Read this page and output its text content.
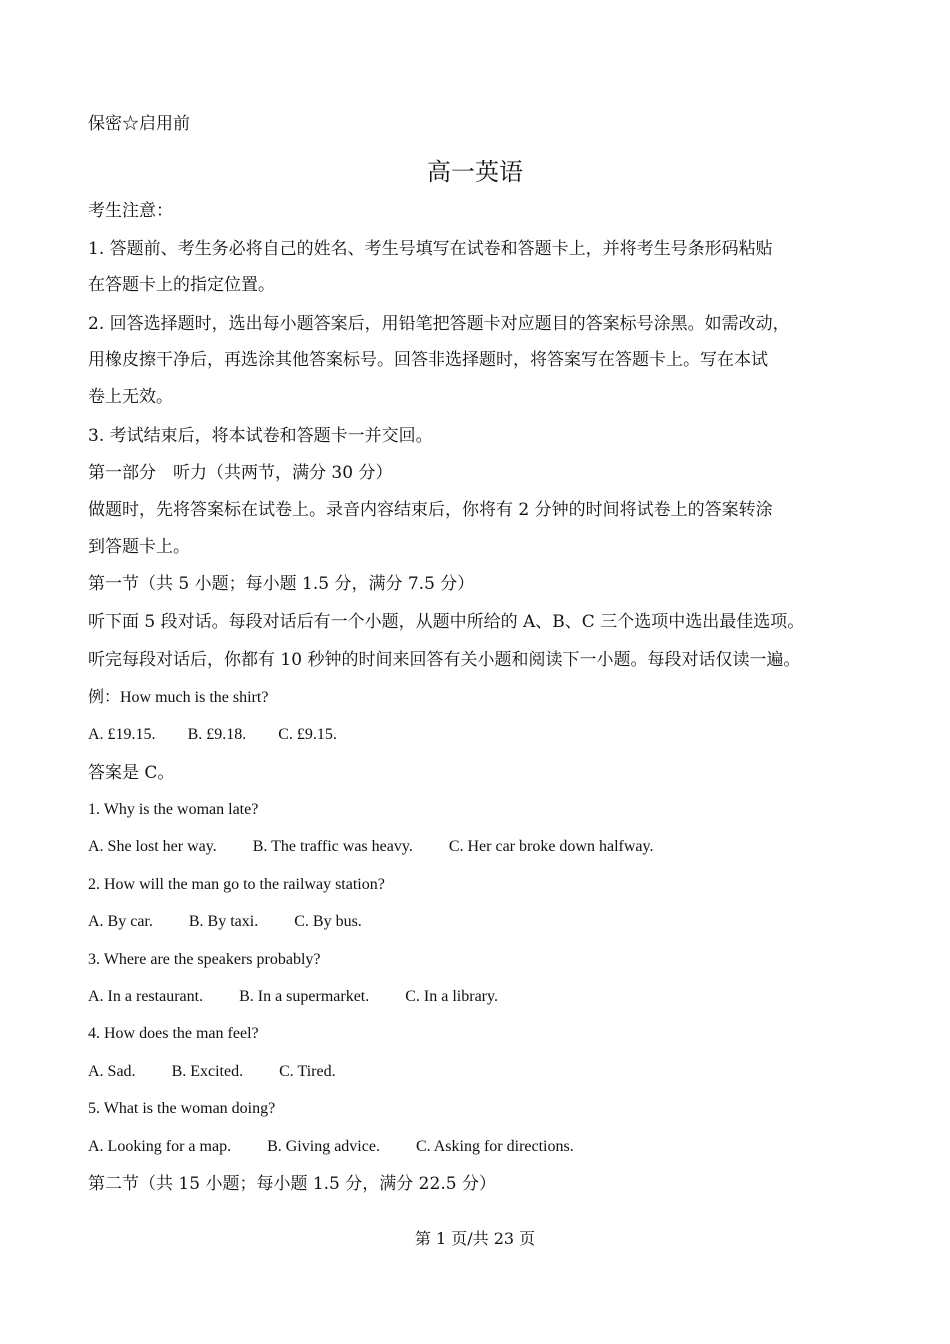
保密☆启用前
高一英语
考生注意：
1. 答题前、考生务必将自己的姓名、考生号填写在试卷和答题卡上，并将考生号条形码粘贴
在答题卡上的指定位置。
2. 回答选择题时，选出每小题答案后，用铅笔把答题卡对应题目的答案标号涂黑。如需改动，
用橡皮擦干净后，再选涂其他答案标号。回答非选择题时，将答案写在答题卡上。写在本试
卷上无效。
3. 考试结束后，将本试卷和答题卡一并交回。
第一部分　听力（共两节，满分 30 分）
做题时，先将答案标在试卷上。录音内容结束后，你将有 2 分钟的时间将试卷上的答案转涂
到答题卡上。
第一节（共 5 小题；每小题 1.5 分，满分 7.5 分）
听下面 5 段对话。每段对话后有一个小题，从题中所给的 A、B、C 三个选项中选出最佳选项。
听完每段对话后，你都有 10 秒钟的时间来回答有关小题和阅读下一小题。每段对话仅读一遍。
例：How much is the shirt?
A. £19.15. B. £9.18. C. £9.15.
答案是 C。
1. Why is the woman late?
A. She lost her way. B. The traffic was heavy. C. Her car broke down halfway.
2. How will the man go to the railway station?
A. By car. B. By taxi. C. By bus.
3. Where are the speakers probably?
A. In a restaurant. B. In a supermarket. C. In a library.
4. How does the man feel?
A. Sad. B. Excited. C. Tired.
5. What is the woman doing?
A. Looking for a map. B. Giving advice. C. Asking for directions.
第二节（共 15 小题；每小题 1.5 分，满分 22.5 分）
第 1 页/共 23 页
